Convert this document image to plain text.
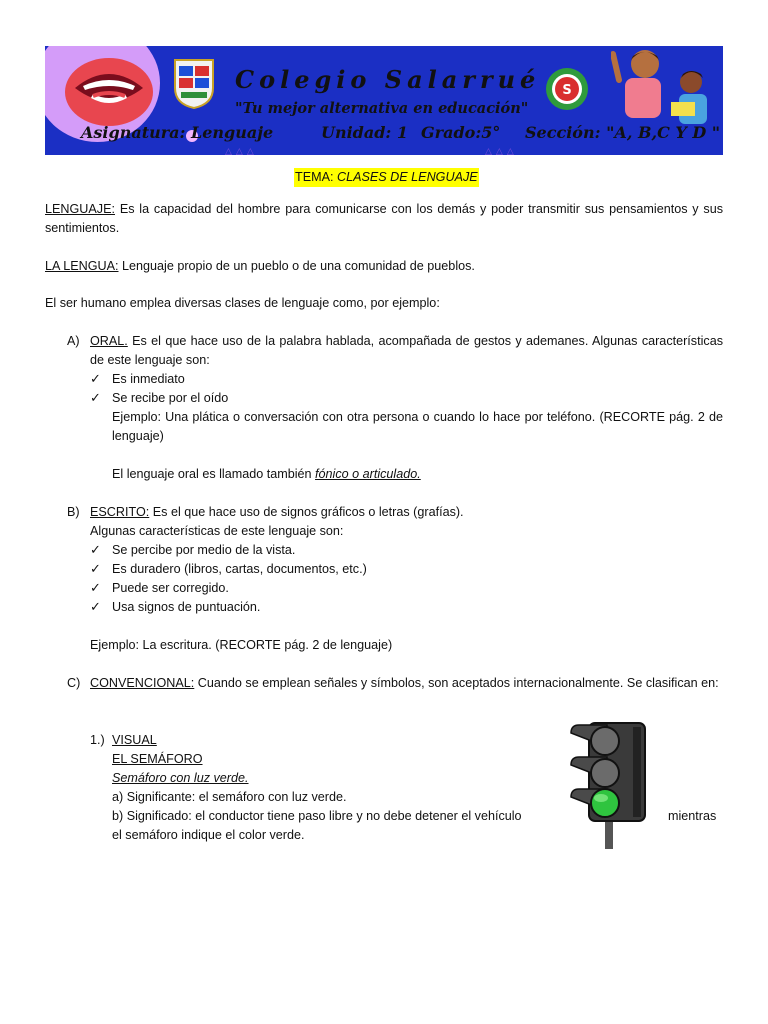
Colegio Salarrué
"Tu mejor alternativa en educación"
S
Asignatura: Lenguaje	Unidad: 1 Grado:5° Sección: "A, B,C Y D "
△△△	△△△
TEMA: CLASES DE LENGUAJE
LENGUAJE: Es la capacidad del hombre para comunicarse con los demás y poder transmitir sus pensamientos y sus sentimientos.
LA LENGUA: Lenguaje propio de un pueblo o de una comunidad de pueblos.
El ser humano emplea diversas clases de lenguaje como, por ejemplo:
A) ORAL. Es el que hace uso de la palabra hablada, acompañada de gestos y ademanes. Algunas características de este lenguaje son:
✓ Es inmediato
✓ Se recibe por el oído
Ejemplo: Una plática o conversación con otra persona o cuando lo hace por teléfono. (RECORTE pág. 2 de lenguaje)
El lenguaje oral es llamado también fónico o articulado.
B) ESCRITO: Es el que hace uso de signos gráficos o letras (grafías).
Algunas características de este lenguaje son:
✓ Se percibe por medio de la vista.
✓ Es duradero (libros, cartas, documentos, etc.)
✓ Puede ser corregido.
✓ Usa signos de puntuación.
Ejemplo: La escritura. (RECORTE pág. 2 de lenguaje)
C) CONVENCIONAL: Cuando se emplean señales y símbolos, son aceptados internacionalmente. Se clasifican en:
1.) VISUAL
EL SEMÁFORO
Semáforo con luz verde.
a) Significante: el semáforo con luz verde.
b) Significado: el conductor tiene paso libre y no debe detener el vehículo	mientras
el semáforo indique el color verde.
